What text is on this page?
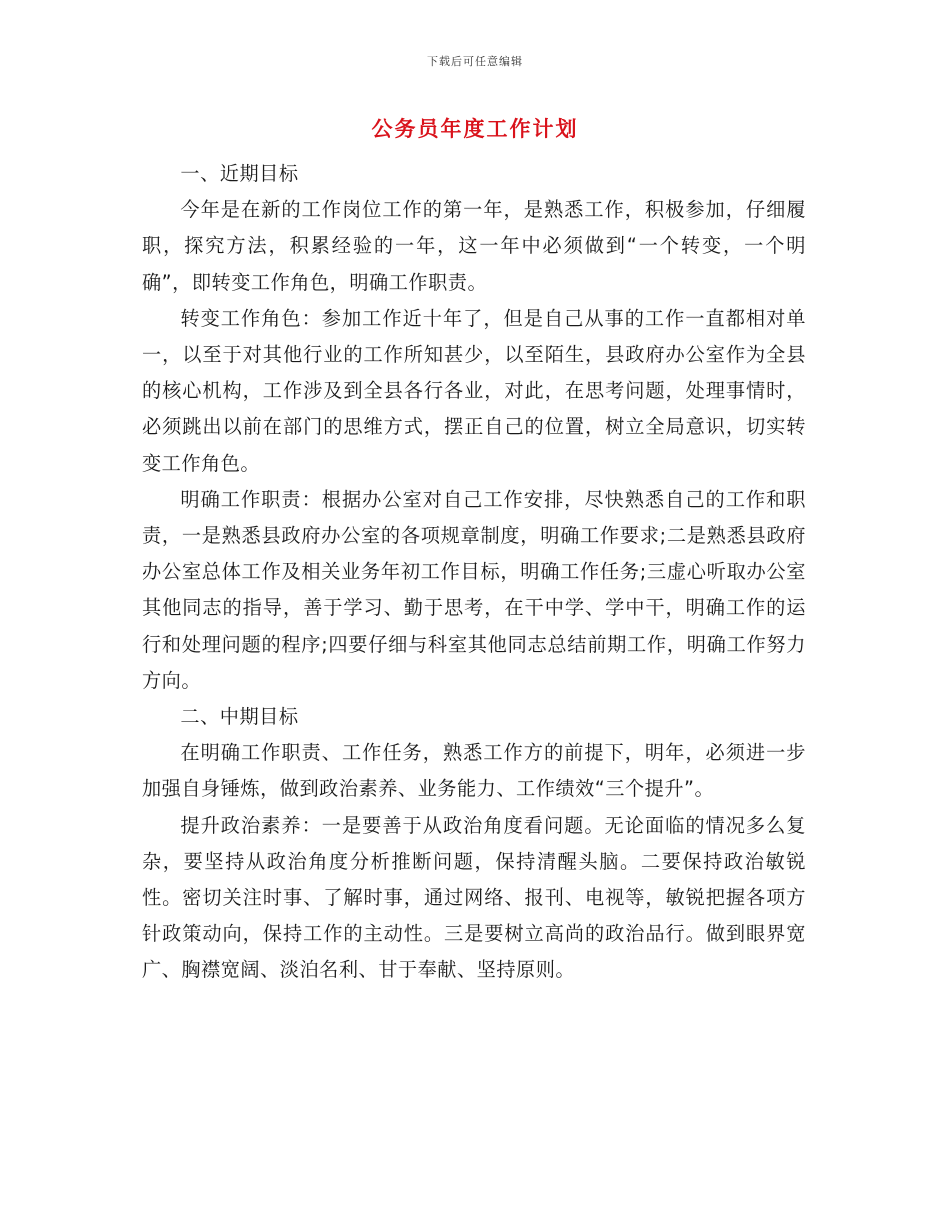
下载后可任意编辑
公务员年度工作计划

一、近期目标

今年是在新的工作岗位工作的第一年，是熟悉工作，积极参加，仔细履职，探究方法，积累经验的一年，这一年中必须做到“一个转变，一个明确”，即转变工作角色，明确工作职责。

转变工作角色：参加工作近十年了，但是自己从事的工作一直都相对单一，以至于对其他行业的工作所知甚少，以至陌生，县政府办公室作为全县的核心机构，工作涉及到全县各行各业，对此，在思考问题，处理事情时，必须跳出以前在部门的思维方式，摆正自己的位置，树立全局意识，切实转变工作角色。

明确工作职责：根据办公室对自己工作安排，尽快熟悉自己的工作和职责，一是熟悉县政府办公室的各项规章制度，明确工作要求;二是熟悉县政府办公室总体工作及相关业务年初工作目标，明确工作任务;三虚心听取办公室其他同志的指导，善于学习、勤于思考，在干中学、学中干，明确工作的运行和处理问题的程序;四要仔细与科室其他同志总结前期工作，明确工作努力方向。

二、中期目标

在明确工作职责、工作任务，熟悉工作方的前提下，明年，必须进一步加强自身锤炼，做到政治素养、业务能力、工作绩效“三个提升”。

提升政治素养：一是要善于从政治角度看问题。无论面临的情况多么复杂，要坚持从政治角度分析推断问题，保持清醒头脑。二要保持政治敏锐性。密切关注时事、了解时事，通过网络、报刊、电视等，敏锐把握各项方针政策动向，保持工作的主动性。三是要树立高尚的政治品行。做到眼界宽广、胸襟宽阔、淡泊名利、甘于奉献、坚持原则。
